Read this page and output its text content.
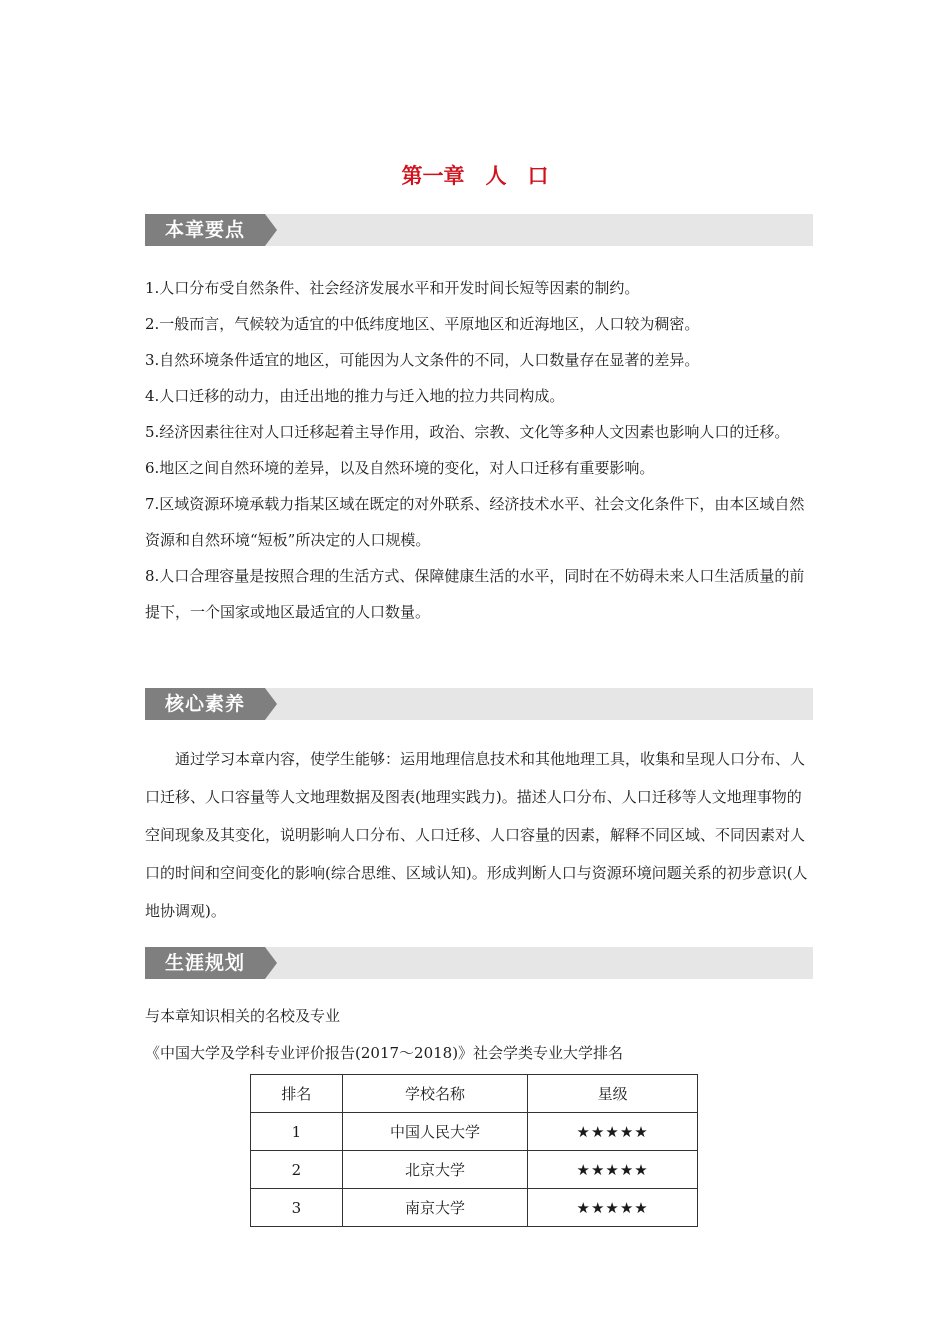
第一章　人　口
本章要点
1.人口分布受自然条件、社会经济发展水平和开发时间长短等因素的制约。
2.一般而言，气候较为适宜的中低纬度地区、平原地区和近海地区，人口较为稠密。
3.自然环境条件适宜的地区，可能因为人文条件的不同，人口数量存在显著的差异。
4.人口迁移的动力，由迁出地的推力与迁入地的拉力共同构成。
5.经济因素往往对人口迁移起着主导作用，政治、宗教、文化等多种人文因素也影响人口的迁移。
6.地区之间自然环境的差异，以及自然环境的变化，对人口迁移有重要影响。
7.区域资源环境承载力指某区域在既定的对外联系、经济技术水平、社会文化条件下，由本区域自然资源和自然环境“短板”所决定的人口规模。
8.人口合理容量是按照合理的生活方式、保障健康生活的水平，同时在不妨碍未来人口生活质量的前提下，一个国家或地区最适宜的人口数量。
核心素养

通过学习本章内容，使学生能够：运用地理信息技术和其他地理工具，收集和呈现人口分布、人口迁移、人口容量等人文地理数据及图表(地理实践力)。描述人口分布、人口迁移等人文地理事物的空间现象及其变化，说明影响人口分布、人口迁移、人口容量的因素，解释不同区域、不同因素对人口的时间和空间变化的影响(综合思维、区域认知)。形成判断人口与资源环境问题关系的初步意识(人地协调观)。

生涯规划
与本章知识相关的名校及专业
《中国大学及学科专业评价报告(2017～2018)》社会学类专业大学排名
排名	学校名称	星级
1	中国人民大学	★★★★★
2	北京大学	★★★★★
3	南京大学	★★★★★
